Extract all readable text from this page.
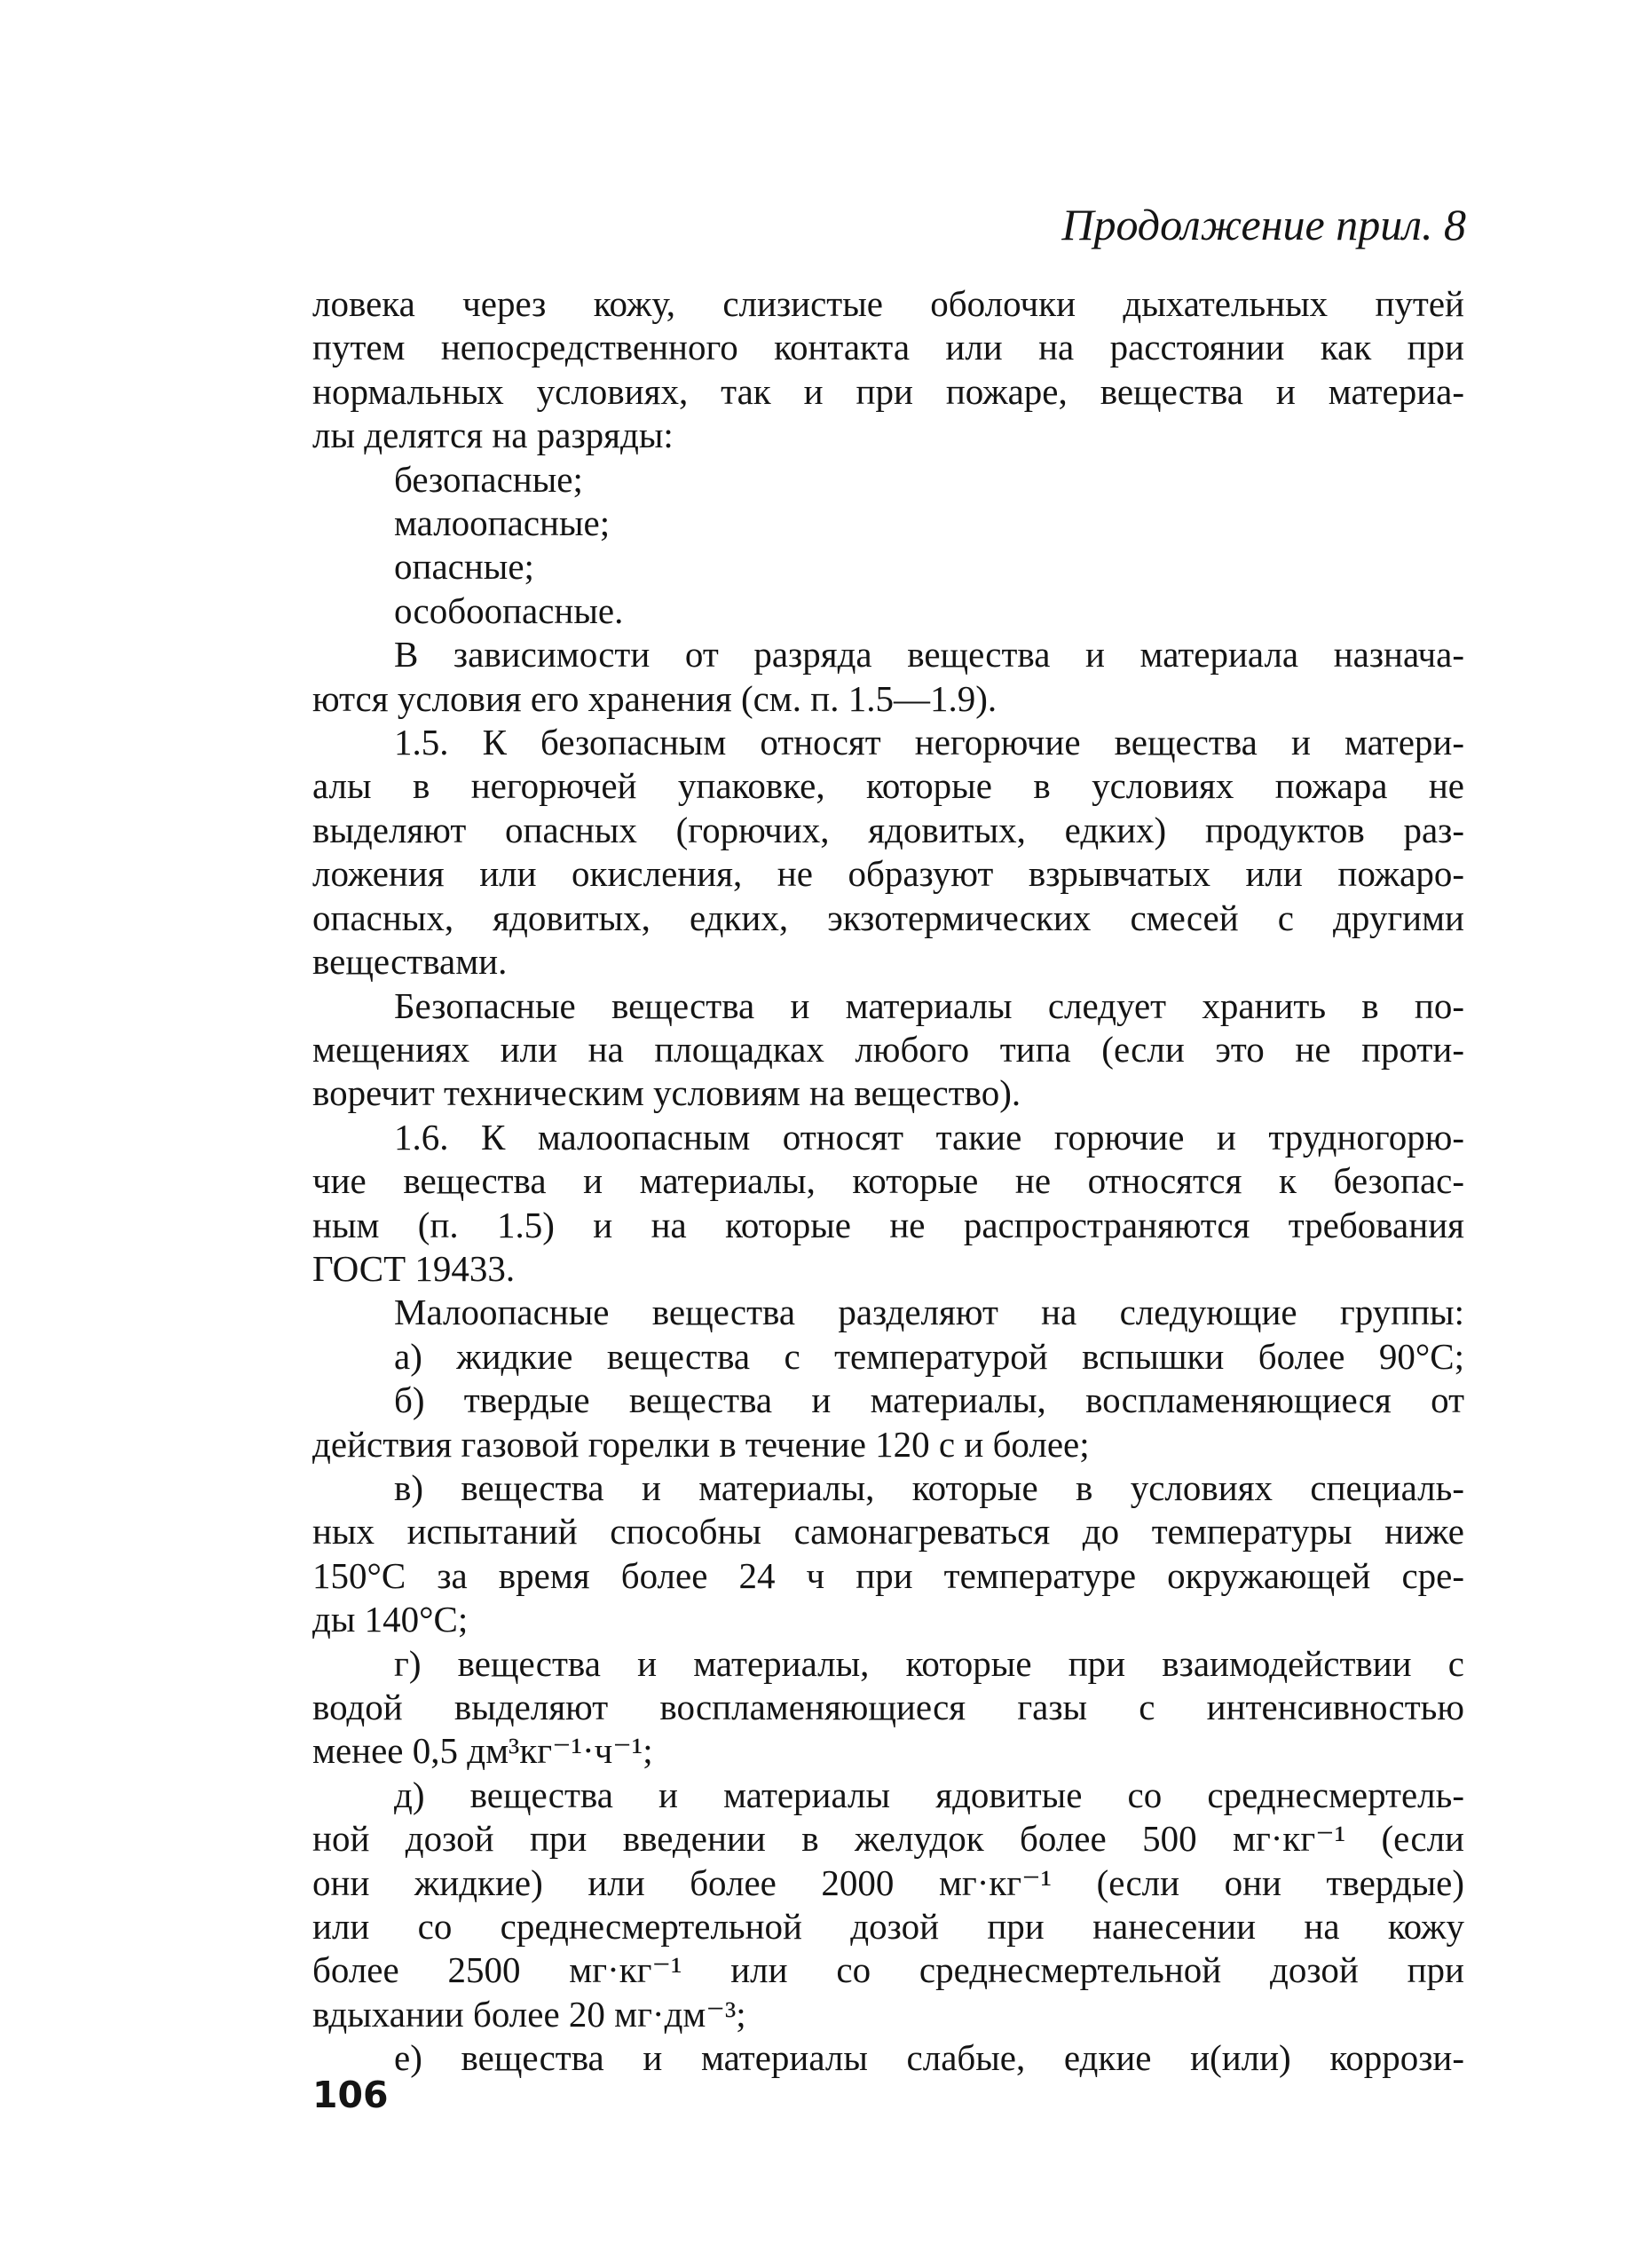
Продолжение прил. 8
ловека через кожу, слизистые оболочки дыхательных путей
путем непосредственного контакта или на расстоянии как при
нормальных условиях, так и при пожаре, вещества и материа-
лы делятся на разряды:
безопасные;
малоопасные;
опасные;
особоопасные.
В зависимости от разряда вещества и материала назнача-
ются условия его хранения (см. п. 1.5—1.9).
1.5. К безопасным относят негорючие вещества и матери-
алы в негорючей упаковке, которые в условиях пожара не
выделяют опасных (горючих, ядовитых, едких) продуктов раз-
ложения или окисления, не образуют взрывчатых или пожаро-
опасных, ядовитых, едких, экзотермических смесей с другими
веществами.
Безопасные вещества и материалы следует хранить в по-
мещениях или на площадках любого типа (если это не проти-
воречит техническим условиям на вещество).
1.6. К малоопасным относят такие горючие и трудногорю-
чие вещества и материалы, которые не относятся к безопас-
ным (п. 1.5) и на которые не распространяются требования
ГОСТ 19433.
Малоопасные вещества разделяют на следующие группы:
а) жидкие вещества с температурой вспышки более 90°С;
б) твердые вещества и материалы, воспламеняющиеся от
действия газовой горелки в течение 120 с и более;
в) вещества и материалы, которые в условиях специаль-
ных испытаний способны самонагреваться до температуры ниже
150°С за время более 24 ч при температуре окружающей сре-
ды 140°С;
г) вещества и материалы, которые при взаимодействии с
водой выделяют воспламеняющиеся газы с интенсивностью
менее 0,5 дм³кг⁻¹·ч⁻¹;
д) вещества и материалы ядовитые со среднесмертель-
ной дозой при введении в желудок более 500 мг·кг⁻¹ (если
они жидкие) или более 2000 мг·кг⁻¹ (если они твердые)
или со среднесмертельной дозой при нанесении на кожу
более 2500 мг·кг⁻¹ или со среднесмертельной дозой при
вдыхании более 20 мг·дм⁻³;
е) вещества и материалы слабые, едкие и(или) коррози-
106
